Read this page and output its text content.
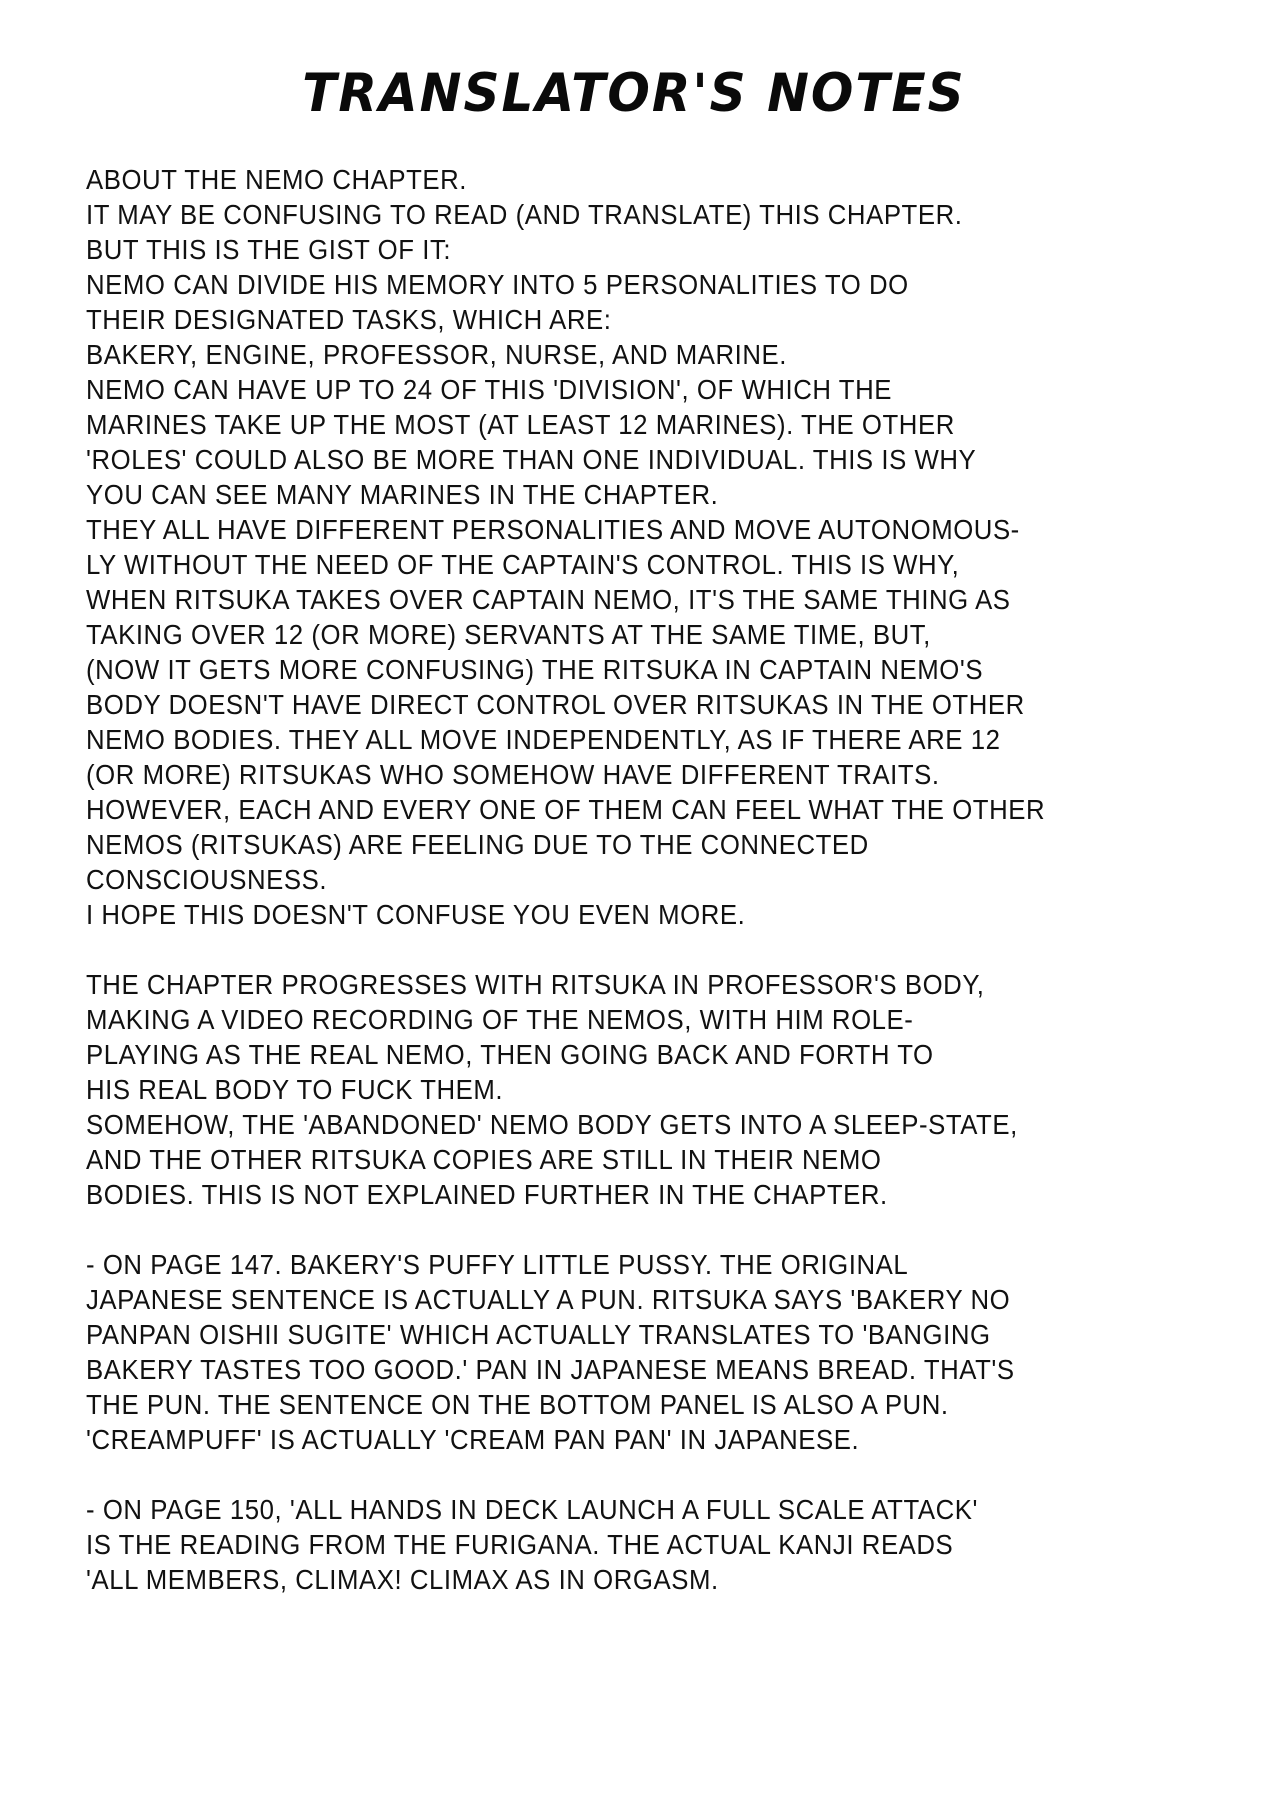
TRANSLATOR'S NOTES
ABOUT THE NEMO CHAPTER.
IT MAY BE CONFUSING TO READ (AND TRANSLATE) THIS CHAPTER.
BUT THIS IS THE GIST OF IT:
NEMO CAN DIVIDE HIS MEMORY INTO 5 PERSONALITIES TO DO
THEIR DESIGNATED TASKS, WHICH ARE:
BAKERY, ENGINE, PROFESSOR, NURSE, AND MARINE.
NEMO CAN HAVE UP TO 24 OF THIS 'DIVISION', OF WHICH THE
MARINES TAKE UP THE MOST (AT LEAST 12 MARINES). THE OTHER
'ROLES' COULD ALSO BE MORE THAN ONE INDIVIDUAL. THIS IS WHY
YOU CAN SEE MANY MARINES IN THE CHAPTER.
THEY ALL HAVE DIFFERENT PERSONALITIES AND MOVE AUTONOMOUS-
LY WITHOUT THE NEED OF THE CAPTAIN'S CONTROL. THIS IS WHY,
WHEN RITSUKA TAKES OVER CAPTAIN NEMO, IT'S THE SAME THING AS
TAKING OVER 12 (OR MORE) SERVANTS AT THE SAME TIME, BUT,
(NOW IT GETS MORE CONFUSING) THE RITSUKA IN CAPTAIN NEMO'S
BODY DOESN'T HAVE DIRECT CONTROL OVER RITSUKAS IN THE OTHER
NEMO BODIES. THEY ALL MOVE INDEPENDENTLY, AS IF THERE ARE 12
(OR MORE) RITSUKAS WHO SOMEHOW HAVE DIFFERENT TRAITS.
HOWEVER, EACH AND EVERY ONE OF THEM CAN FEEL WHAT THE OTHER
NEMOS (RITSUKAS) ARE FEELING DUE TO THE CONNECTED
CONSCIOUSNESS.
I HOPE THIS DOESN'T CONFUSE YOU EVEN MORE.
THE CHAPTER PROGRESSES WITH RITSUKA IN PROFESSOR'S BODY,
MAKING A VIDEO RECORDING OF THE NEMOS, WITH HIM ROLE-
PLAYING AS THE REAL NEMO, THEN GOING BACK AND FORTH TO
HIS REAL BODY TO FUCK THEM.
SOMEHOW, THE 'ABANDONED' NEMO BODY GETS INTO A SLEEP-STATE,
AND THE OTHER RITSUKA COPIES ARE STILL IN THEIR NEMO
BODIES. THIS IS NOT EXPLAINED FURTHER IN THE CHAPTER.
- ON PAGE 147. BAKERY'S PUFFY LITTLE PUSSY. THE ORIGINAL
JAPANESE SENTENCE IS ACTUALLY A PUN. RITSUKA SAYS 'BAKERY NO
PANPAN OISHII SUGITE' WHICH ACTUALLY TRANSLATES TO 'BANGING
BAKERY TASTES TOO GOOD.' PAN IN JAPANESE MEANS BREAD. THAT'S
THE PUN. THE SENTENCE ON THE BOTTOM PANEL IS ALSO A PUN.
'CREAMPUFF' IS ACTUALLY 'CREAM PAN PAN' IN JAPANESE.
- ON PAGE 150, 'ALL HANDS IN DECK LAUNCH A FULL SCALE ATTACK'
IS THE READING FROM THE FURIGANA. THE ACTUAL KANJI READS
'ALL MEMBERS, CLIMAX! CLIMAX AS IN ORGASM.
